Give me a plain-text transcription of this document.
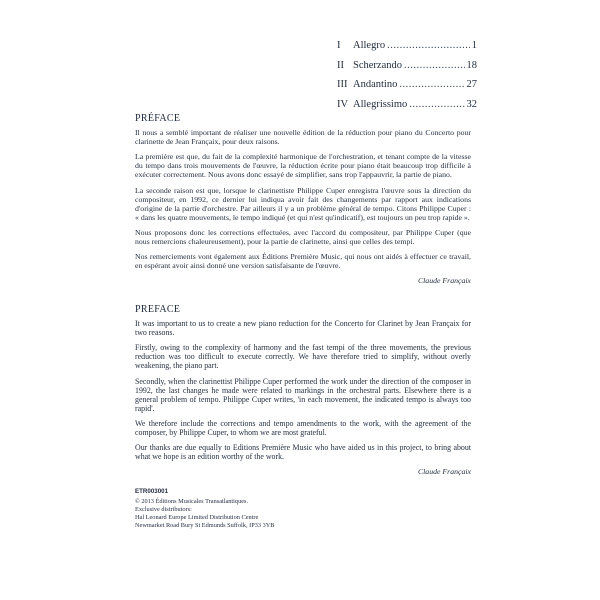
I	Allegro .....	1
II Scherzando .....	18
III Andantino .....	27
IV Allegrissimo .....	32
PRÉFACE

Il nous a semblé important de réaliser une nouvelle édition de la réduction pour piano du Concerto pour clarinette de Jean Françaix, pour deux raisons.

La première est que, du fait de la complexité harmonique de l'orchestration, et tenant compte de la vitesse du tempo dans trois mouvements de l'œuvre, la réduction écrite pour piano était beaucoup trop difficile à exécuter correctement. Nous avons donc essayé de simplifier, sans trop l'appauvrir, la partie de piano.

La seconde raison est que, lorsque le clarinettiste Philippe Cuper enregistra l'œuvre sous la direction du compositeur, en 1992, ce dernier lui indiqua avoir fait des changements par rapport aux indications d'origine de la partie d'orchestre. Par ailleurs il y a un problème général de tempo. Citons Philippe Cuper : « dans les quatre mouvements, le tempo indiqué (et qui n'est qu'indicatif), est toujours un peu trop rapide ».

Nous proposons donc les corrections effectuées, avec l'accord du compositeur, par Philippe Cuper (que nous remercions chaleureusement), pour la partie de clarinette, ainsi que celles des tempi.

Nos remerciements vont également aux Éditions Première Music, qui nous ont aidés à effectuer ce travail, en espérant avoir ainsi donné une version satisfaisante de l'œuvre.

Claude Françaix
PREFACE

It was important to us to create a new piano reduction for the Concerto for Clarinet by Jean Françaix for two reasons.

Firstly, owing to the complexity of harmony and the fast tempi of the three movements, the previous reduction was too difficult to execute correctly. We have therefore tried to simplify, without overly weakening, the piano part.

Secondly, when the clarinettist Philippe Cuper performed the work under the direction of the composer in 1992, the last changes he made were related to markings in the orchestral parts. Elsewhere there is a general problem of tempo. Philippe Cuper writes, 'in each movement, the indicated tempo is always too rapid'.

We therefore include the corrections and tempo amendments to the work, with the agreement of the composer, by Philippe Cuper, to whom we are most grateful.

Our thanks are due equally to Editions Première Music who have aided us in this project, to bring about what we hope is an edition worthy of the work.

Claude Françaix
ETR003001
© 2013 Éditions Musicales Transatlantiques.
Exclusive distributors:
Hal Leonard Europe Limited Distribution Centre
Newmarket Road Bury St Edmunds Suffolk, IP33 3YB
